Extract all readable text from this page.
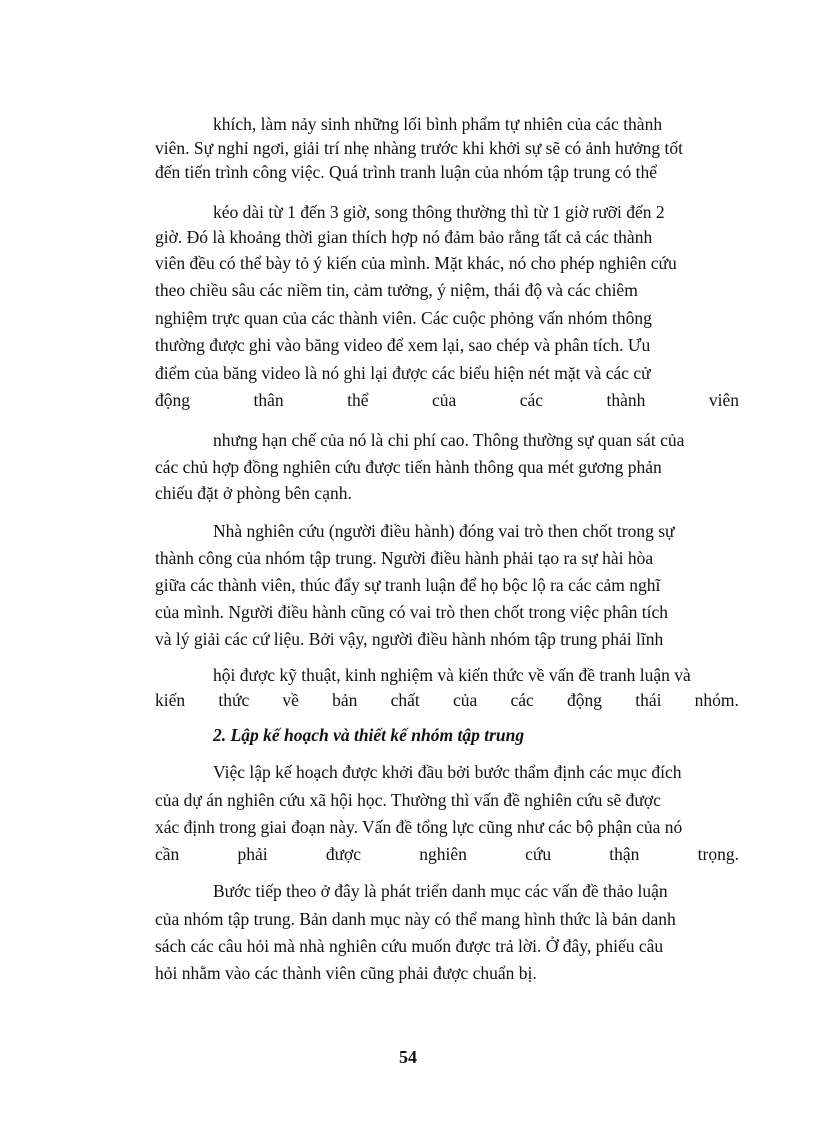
khích, làm nảy sinh những lối bình phẩm tự nhiên của các thành
viên. Sự nghỉ ngơi, giải trí nhẹ nhàng trước khi khởi sự sẽ có ảnh hưởng tốt
đến tiến trình công việc. Quá trình tranh luận của nhóm tập trung có thể
kéo dài từ 1 đến 3 giờ, song thông thường thì từ 1 giờ rưỡi đến 2
giờ. Đó là khoảng thời gian thích hợp nó đảm bảo rằng tất cả các thành
viên đều có thể bày tỏ ý kiến của mình. Mặt khác, nó cho phép nghiên cứu
theo chiều sâu các niềm tin, cảm tưởng, ý niệm, thái độ và các chiêm
nghiệm trực quan của các thành viên. Các cuộc phỏng vấn nhóm thông
thường được ghi vào băng video để xem lại, sao chép và phân tích. Ưu
điểm của băng video là nó ghi lại được các biểu hiện nét mặt và các cử
động	thân	thể	của	các	thành	viên
nhưng hạn chế của nó là chi phí cao. Thông thường sự quan sát của
các chủ hợp đồng nghiên cứu được tiến hành thông qua mét gương phản
chiếu đặt ở phòng bên cạnh.
Nhà nghiên cứu (người điều hành) đóng vai trò then chốt trong sự
thành công của nhóm tập trung. Người điều hành phải tạo ra sự hài hòa
giữa các thành viên, thúc đẩy sự tranh luận để họ bộc lộ ra các cảm nghĩ
của mình. Người điều hành cũng có vai trò then chốt trong việc phân tích
và lý giải các cứ liệu. Bởi vậy, người điều hành nhóm tập trung phải lĩnh
hội được kỹ thuật, kinh nghiệm và kiến thức về vấn đề tranh luận và
kiến thức về bản chất của các động thái nhóm.
2. Lập kế hoạch và thiết kế nhóm tập trung
Việc lập kế hoạch được khởi đầu bởi bước thẩm định các mục đích
của dự án nghiên cứu xã hội học. Thường thì vấn đề nghiên cứu sẽ được
xác định trong giai đoạn này. Vấn đề tổng lực cũng như các bộ phận của nó
cần	phải	được	nghiên	cứu	thận	trọng.
Bước tiếp theo ở đây là phát triển danh mục các vấn đề thảo luận
của nhóm tập trung. Bản danh mục này có thể mang hình thức là bản danh
sách các câu hỏi mà nhà nghiên cứu muốn được trả lời. Ở đây, phiếu câu
hỏi nhằm vào các thành viên cũng phải được chuẩn bị.
54
